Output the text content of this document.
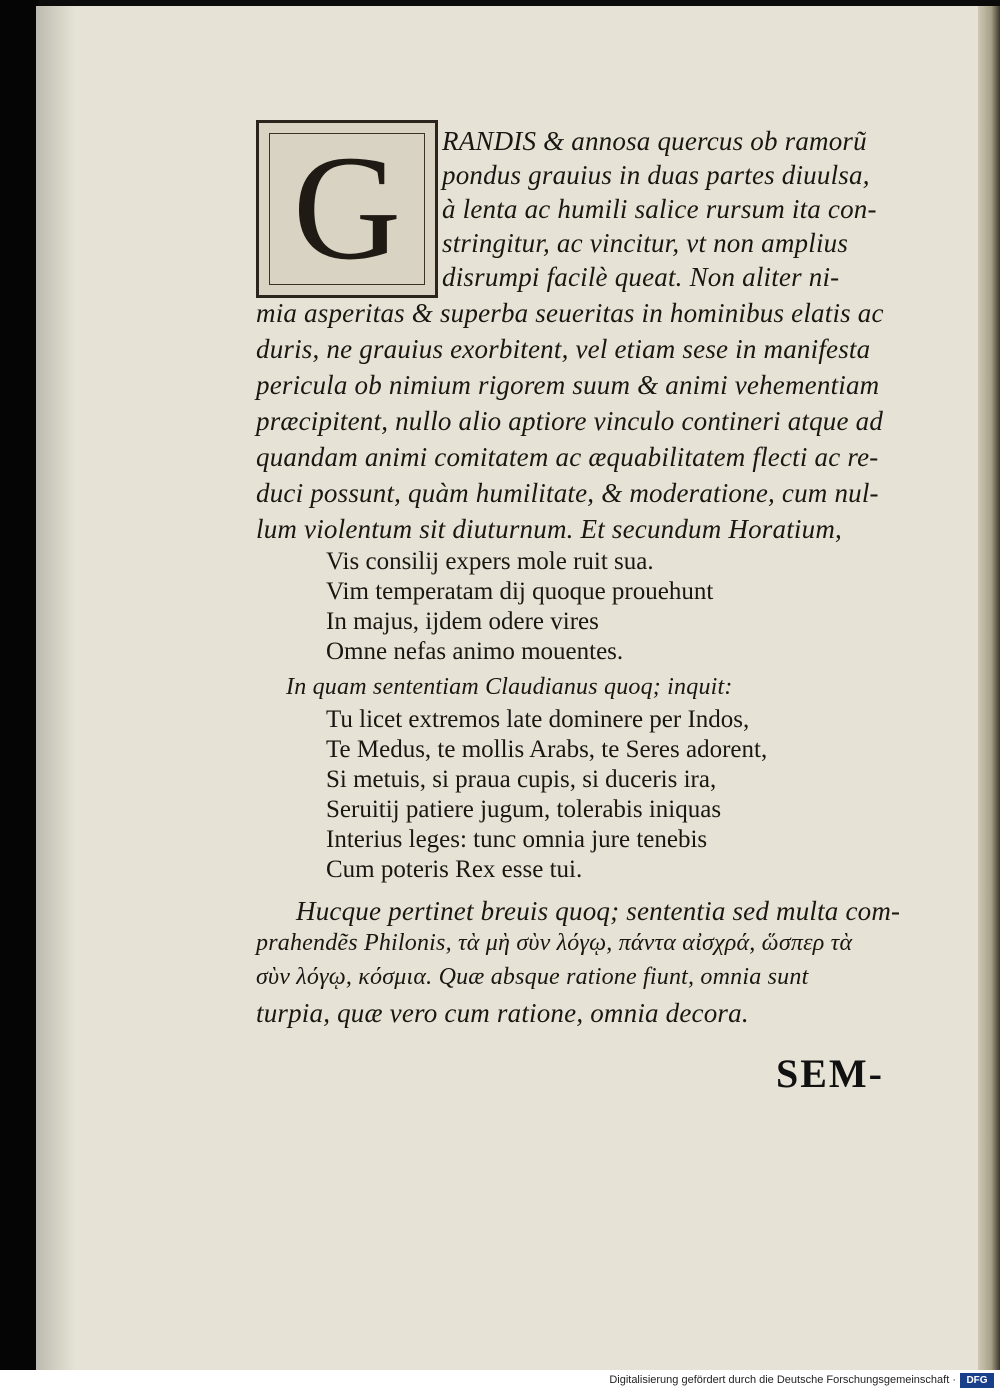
G	RANDIS & annosa quercus ob ramorũ
pondus grauius in duas partes diuulsa,
à lenta ac humili salice rursum ita con-
stringitur, ac vincitur, vt non amplius
disrumpi facilè queat. Non aliter ni-
mia asperitas & superba seueritas in hominibus elatis ac
duris, ne grauius exorbitent, vel etiam sese in manifesta
pericula ob nimium rigorem suum & animi vehementiam
præcipitent, nullo alio aptiore vinculo contineri atque ad
quandam animi comitatem ac æquabilitatem flecti ac re-
duci possunt, quàm humilitate, & moderatione, cum nul-
lum violentum sit diuturnum. Et secundum Horatium,
Vis consilij expers mole ruit sua.
Vim temperatam dij quoque prouehunt
In majus, ijdem odere vires
Omne nefas animo mouentes.
In quam sententiam Claudianus quoq; inquit:
Tu licet extremos late dominere per Indos,
Te Medus, te mollis Arabs, te Seres adorent,
Si metuis, si praua cupis, si duceris ira,
Seruitij patiere jugum, tolerabis iniquas
Interius leges: tunc omnia jure tenebis
Cum poteris Rex esse tui.
Hucque pertinet breuis quoq; sententia sed multa com-
prahendẽs Philonis, τὰ μὴ σὺν λόγῳ, πάντα αἰσχρά, ὥσπερ τὰ
σὺν λόγῳ, κόσμια. Quæ absque ratione fiunt, omnia sunt
turpia, quæ vero cum ratione, omnia decora.
SEM-
Digitalisierung gefördert durch die Deutsche Forschungsgemeinschaft ·	DFG
